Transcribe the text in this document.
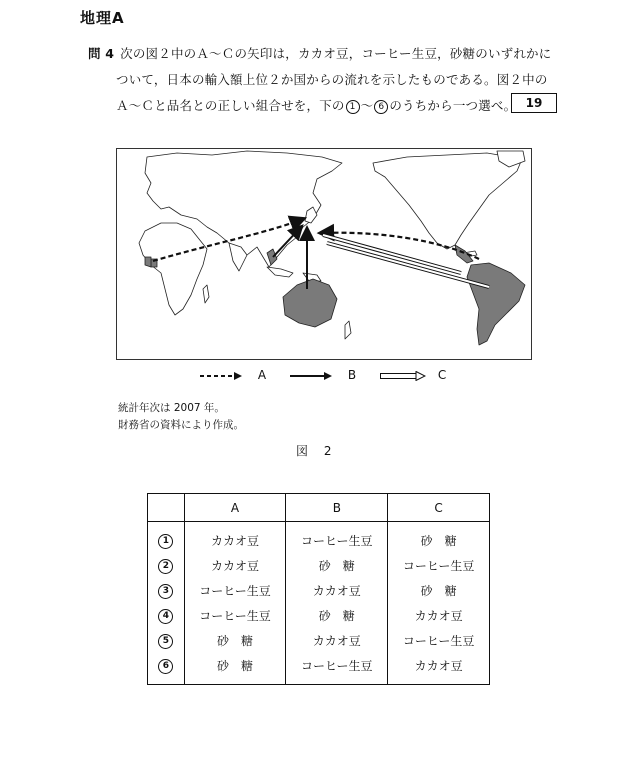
地理A
問 4 次の図２中のＡ～Ｃの矢印は，カカオ豆，コーヒー生豆，砂糖のいずれかに
ついて，日本の輸入額上位２か国からの流れを示したものである。図２中の
Ａ～Ｃと品名との正しい組合せを，下の 1 ～ 6 のうちから一つ選べ。 19
A	B	C
統計年次は 2007 年。
財務省の資料により作成。
図 2
	A	B	C
1	カカオ豆	コーヒー生豆	砂　糖
2	カカオ豆	砂　糖	コーヒー生豆
3	コーヒー生豆	カカオ豆	砂　糖
4	コーヒー生豆	砂　糖	カカオ豆
5	砂　糖	カカオ豆	コーヒー生豆
6	砂　糖	コーヒー生豆	カカオ豆
